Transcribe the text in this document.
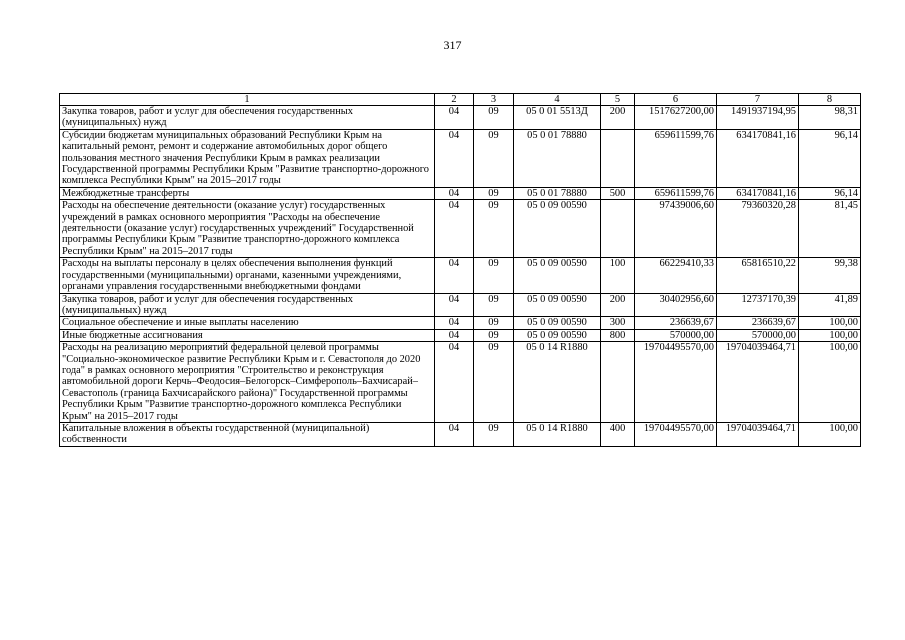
317
1	2	3	4	5	6	7	8
Закупка товаров, работ и услуг для обеспечения государственных (муниципальных) нужд	04	09	05 0 01 5513Д	200	1517627200,00	1491937194,95	98,31
Субсидии бюджетам муниципальных образований Республики Крым на капитальный ремонт, ремонт и содержание автомобильных дорог общего пользования местного значения Республики Крым в рамках реализации Государственной программы Республики Крым "Развитие транспортно-дорожного комплекса Республики Крым" на 2015–2017 годы	04	09	05 0 01 78880		659611599,76	634170841,16	96,14
Межбюджетные трансферты	04	09	05 0 01 78880	500	659611599,76	634170841,16	96,14
Расходы на обеспечение деятельности (оказание услуг) государственных учреждений в рамках основного мероприятия "Расходы на обеспечение деятельности (оказание услуг) государственных учреждений" Государственной программы Республики Крым "Развитие транспортно-дорожного комплекса Республики Крым" на 2015–2017 годы	04	09	05 0 09 00590		97439006,60	79360320,28	81,45
Расходы на выплаты персоналу в целях обеспечения выполнения функций государственными (муниципальными) органами, казенными учреждениями, органами управления государственными внебюджетными фондами	04	09	05 0 09 00590	100	66229410,33	65816510,22	99,38
Закупка товаров, работ и услуг для обеспечения государственных (муниципальных) нужд	04	09	05 0 09 00590	200	30402956,60	12737170,39	41,89
Социальное обеспечение и иные выплаты населению	04	09	05 0 09 00590	300	236639,67	236639,67	100,00
Иные бюджетные ассигнования	04	09	05 0 09 00590	800	570000,00	570000,00	100,00
Расходы на реализацию мероприятий федеральной целевой программы "Социально-экономическое развитие Республики Крым и г. Севастополя до 2020 года" в рамках основного мероприятия "Строительство и реконструкция автомобильной дороги Керчь–Феодосия–Белогорск–Симферополь–Бахчисарай–Севастополь (граница Бахчисарайского района)" Государственной программы Республики Крым "Развитие транспортно-дорожного комплекса Республики Крым" на 2015–2017 годы	04	09	05 0 14 R1880		19704495570,00	19704039464,71	100,00
Капитальные вложения в объекты государственной (муниципальной) собственности	04	09	05 0 14 R1880	400	19704495570,00	19704039464,71	100,00
